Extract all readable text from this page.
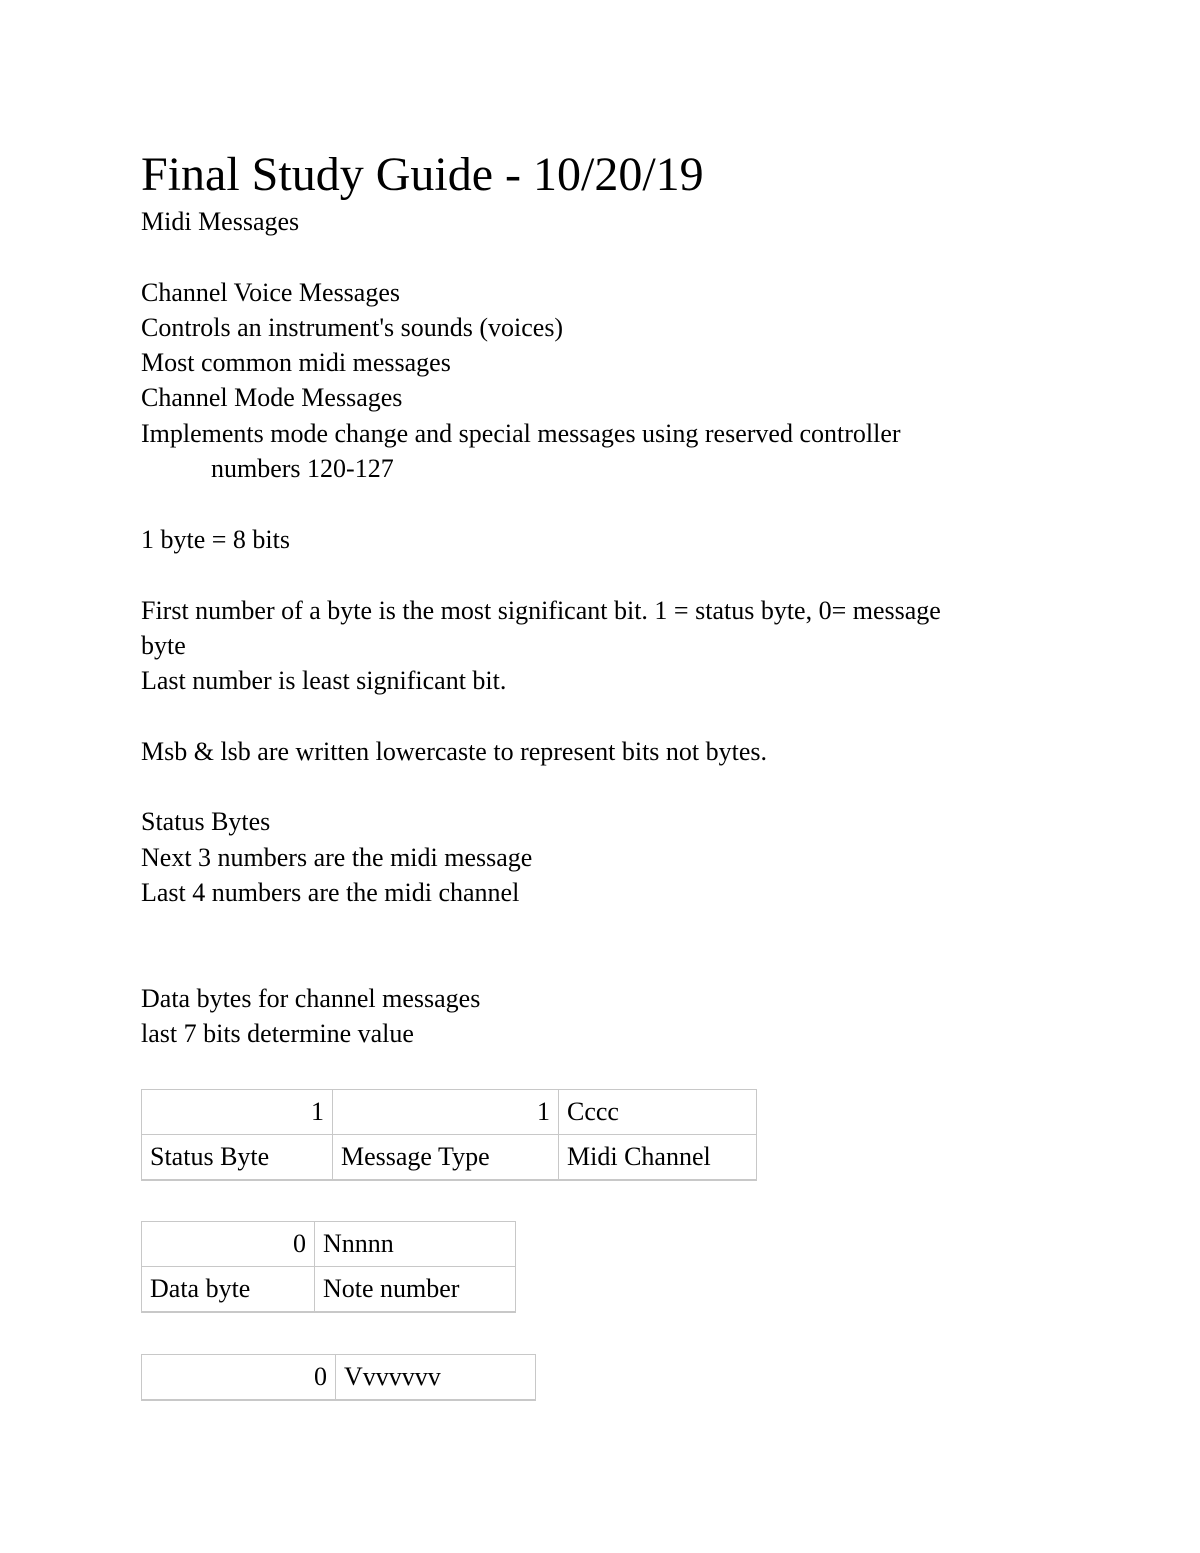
Final Study Guide - 10/20/19

Midi Messages

Channel Voice Messages

Controls an instrument's sounds (voices)

Most common midi messages

Channel Mode Messages

Implements mode change and special messages using reserved controller

numbers 120-127

1 byte = 8 bits

First number of a byte is the most significant bit. 1 = status byte, 0= message

byte

Last number is least significant bit.

Msb & lsb are written lowercaste to represent bits not bytes.

Status Bytes

Next 3 numbers are the midi message

Last 4 numbers are the midi channel

Data bytes for channel messages

last 7 bits determine value

1	1	Cccc
Status Byte	Message Type	Midi Channel
0	Nnnnn
Data byte	Note number
0	Vvvvvvv
